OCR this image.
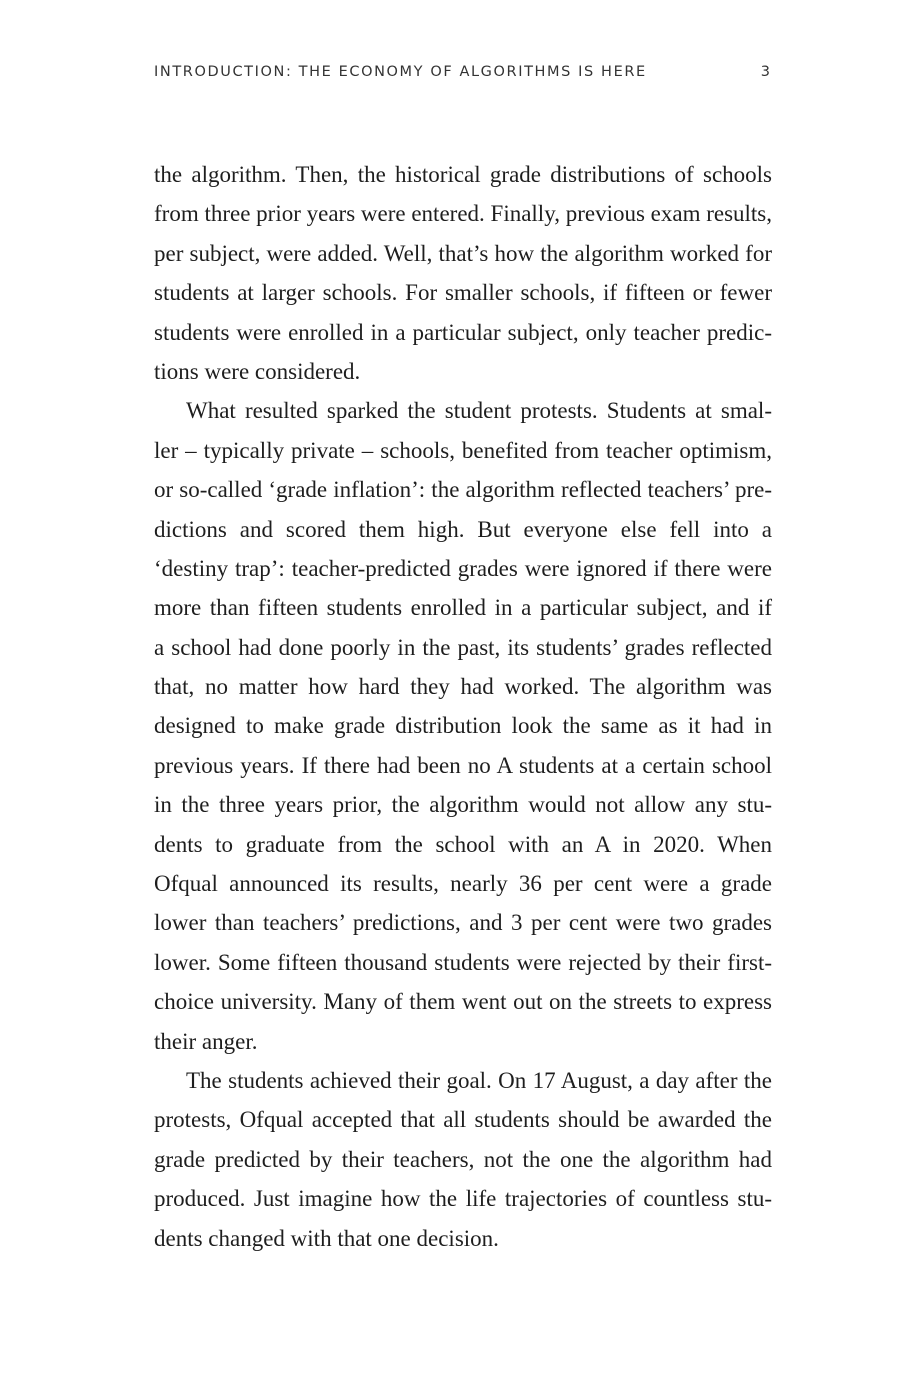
INTRODUCTION: THE ECONOMY OF ALGORITHMS IS HERE	3
the algorithm. Then, the historical grade distributions of schools
from three prior years were entered. Finally, previous exam results,
per subject, were added. Well, that’s how the algorithm worked for
students at larger schools. For smaller schools, if fifteen or fewer
students were enrolled in a particular subject, only teacher predic-
tions were considered.
What resulted sparked the student protests. Students at smal-
ler – typically private – schools, benefited from teacher optimism,
or so-called ‘grade inflation’: the algorithm reflected teachers’ pre-
dictions and scored them high. But everyone else fell into a
‘destiny trap’: teacher-predicted grades were ignored if there were
more than fifteen students enrolled in a particular subject, and if
a school had done poorly in the past, its students’ grades reflected
that, no matter how hard they had worked. The algorithm was
designed to make grade distribution look the same as it had in
previous years. If there had been no A students at a certain school
in the three years prior, the algorithm would not allow any stu-
dents to graduate from the school with an A in 2020. When
Ofqual announced its results, nearly 36 per cent were a grade
lower than teachers’ predictions, and 3 per cent were two grades
lower. Some fifteen thousand students were rejected by their first-
choice university. Many of them went out on the streets to express
their anger.
The students achieved their goal. On 17 August, a day after the
protests, Ofqual accepted that all students should be awarded the
grade predicted by their teachers, not the one the algorithm had
produced. Just imagine how the life trajectories of countless stu-
dents changed with that one decision.
